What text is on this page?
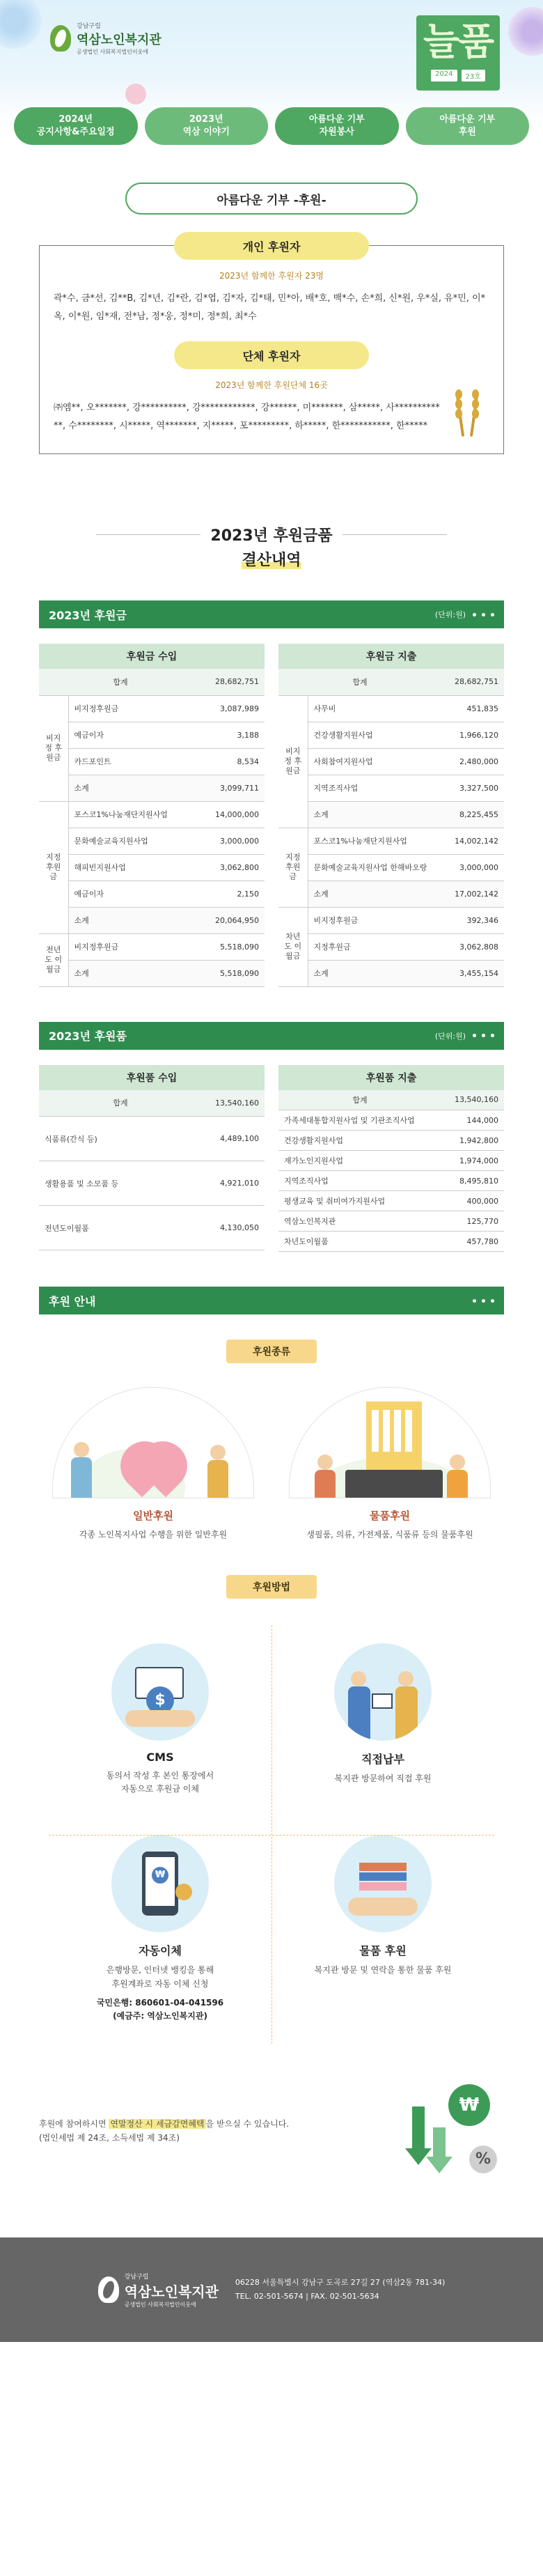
강남구립
역삼노인복지관
공생법인 사회복지법인이웃애	늘품
2024	23호
2024년
공지사항&주요일정
2023년
역삼 이야기
아름다운 기부
자원봉사
아름다운 기부
후원
아름다운 기부 -후원-
개인 후원자
2023년 함께한 후원자 23명
곽*수, 금*선, 김**B, 김*년, 김*란, 김*엽, 김*자, 김*태, 민*아, 배*호, 백*수, 손*희, 신*원, 우*실, 유*민, 이*옥, 이*원, 임*재, 전*남, 정*웅, 정*미, 정*희, 최*수
단체 후원자
2023년 함께한 후원단체 16곳
㈜엠**, 오*******, 강**********, 강************, 강******, 미*******, 삼*****, 사************, 수********, 시*****, 역*******, 지*****, 포*********, 하*****, 한***********, 한*****
2023년 후원금품
결산내역
2023년 후원금	(단위:원)
후원금 수입
합계		28,682,751
비지정 후원금	비지정후원금	3,087,989
	예금이자	3,188
	카드포인트	8,534
	소계	3,099,711
지정 후원금	포스코1%나눔재단지원사업	14,000,000
	문화예술교육지원사업	3,000,000
	해피빈지원사업	3,062,800
	예금이자	2,150
	소계	20,064,950
전년도 이월금	비지정후원금	5,518,090
	소계	5,518,090
후원금 지출
합계		28,682,751
비지정 후원금	사무비	451,835
	건강생활지원사업	1,966,120
	사회참여지원사업	2,480,000
	지역조직사업	3,327,500
	소계	8,225,455
지정 후원금	포스코1%나눔재단지원사업	14,002,142
	문화예술교육지원사업 한해바오랑	3,000,000
	소계	17,002,142
차년도 이월금	비지정후원금	392,346
	지정후원금	3,062,808
	소계	3,455,154
2023년 후원품	(단위:원)
후원품 수입
합계	13,540,160
식품류(간식 등)	4,489,100
생활용품 및 소모품 등	4,921,010
전년도이월품	4,130,050
후원품 지출
합계	13,540,160
가족세대통합지원사업 및 기관조직사업	144,000
건강생활지원사업	1,942,800
재가노인지원사업	1,974,000
지역조직사업	8,495,810
평생교육 및 취미여가지원사업	400,000
역삼노인복지관	125,770
차년도이월품	457,780
후원 안내
후원종류
일반후원
각종 노인복지사업 수행을 위한 일반후원
물품후원
생필품, 의류, 가전제품, 식품류 등의 물품후원
후원방법
$
CMS
동의서 작성 후 본인 통장에서
자동으로 후원금 이체
직접납부
복지관 방문하여 직접 후원
₩
자동이체
은행방문, 인터넷 뱅킹을 통해
후원계좌로 자동 이체 신청
국민은행: 860601-04-041596
(예금주: 역삼노인복지관)
물품 후원
복지관 방문 및 연락을 통한 물품 후원
후원에 참여하시면 연말정산 시 세금감면혜택 을 받으실 수 있습니다.
(법인세법 제 24조, 소득세법 제 34조)
₩
%
강남구립
역삼노인복지관
공생법인 사회복지법인이웃애
06228 서울특별시 강남구 도곡로 27길 27 (역삼2동 781-34)
TEL. 02-501-5674 | FAX. 02-501-5634
